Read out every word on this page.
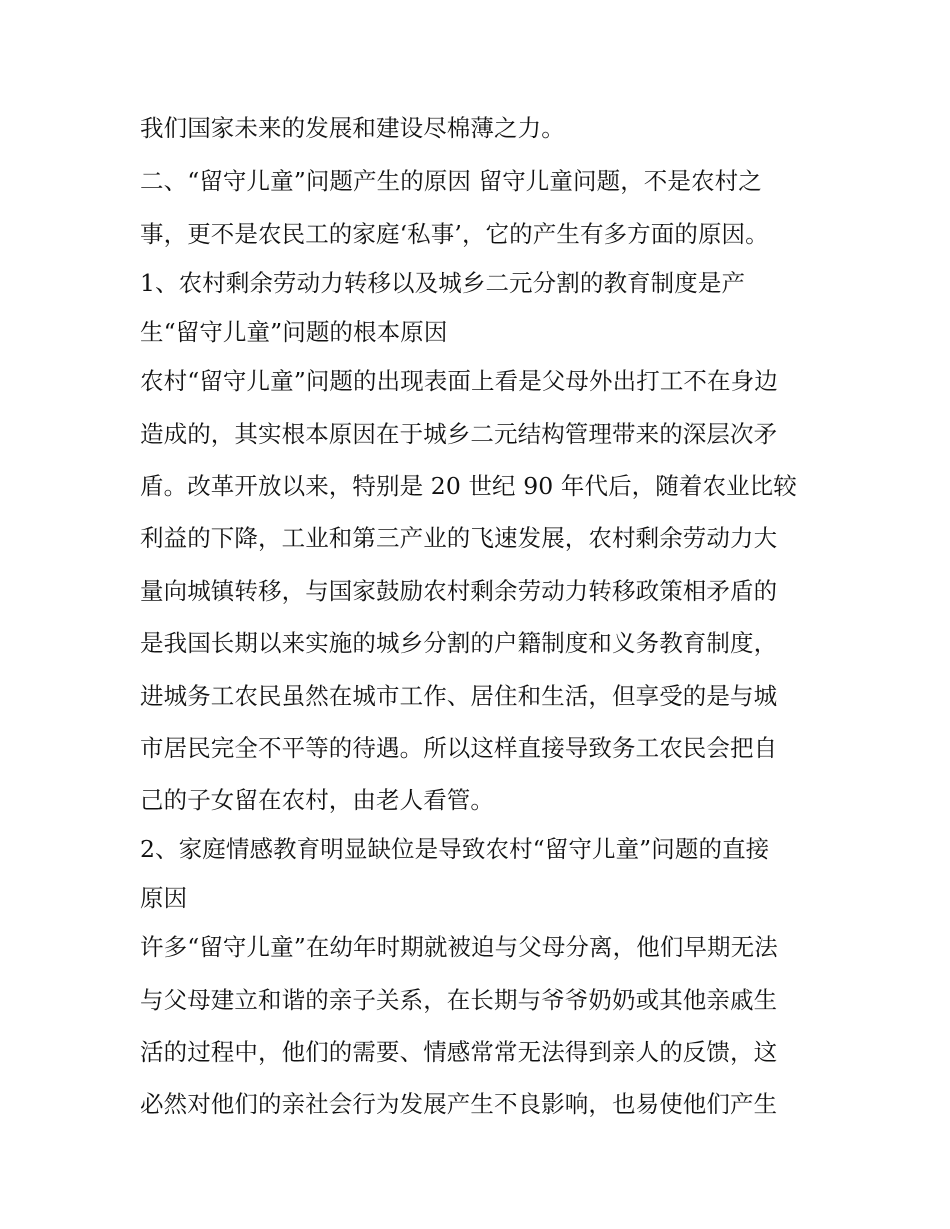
我们国家未来的发展和建设尽棉薄之力。
二、“留守儿童”问题产生的原因 留守儿童问题，不是农村之
事，更不是农民工的家庭‘私事’，它的产生有多方面的原因。
1、农村剩余劳动力转移以及城乡二元分割的教育制度是产
生“留守儿童”问题的根本原因
农村“留守儿童”问题的出现表面上看是父母外出打工不在身边
造成的，其实根本原因在于城乡二元结构管理带来的深层次矛
盾。改革开放以来，特别是 20 世纪 90 年代后，随着农业比较
利益的下降，工业和第三产业的飞速发展，农村剩余劳动力大
量向城镇转移，与国家鼓励农村剩余劳动力转移政策相矛盾的
是我国长期以来实施的城乡分割的户籍制度和义务教育制度，
进城务工农民虽然在城市工作、居住和生活，但享受的是与城
市居民完全不平等的待遇。所以这样直接导致务工农民会把自
己的子女留在农村，由老人看管。
2、家庭情感教育明显缺位是导致农村“留守儿童”问题的直接
原因
许多“留守儿童”在幼年时期就被迫与父母分离，他们早期无法
与父母建立和谐的亲子关系，在长期与爷爷奶奶或其他亲戚生
活的过程中，他们的需要、情感常常无法得到亲人的反馈，这
必然对他们的亲社会行为发展产生不良影响，也易使他们产生
